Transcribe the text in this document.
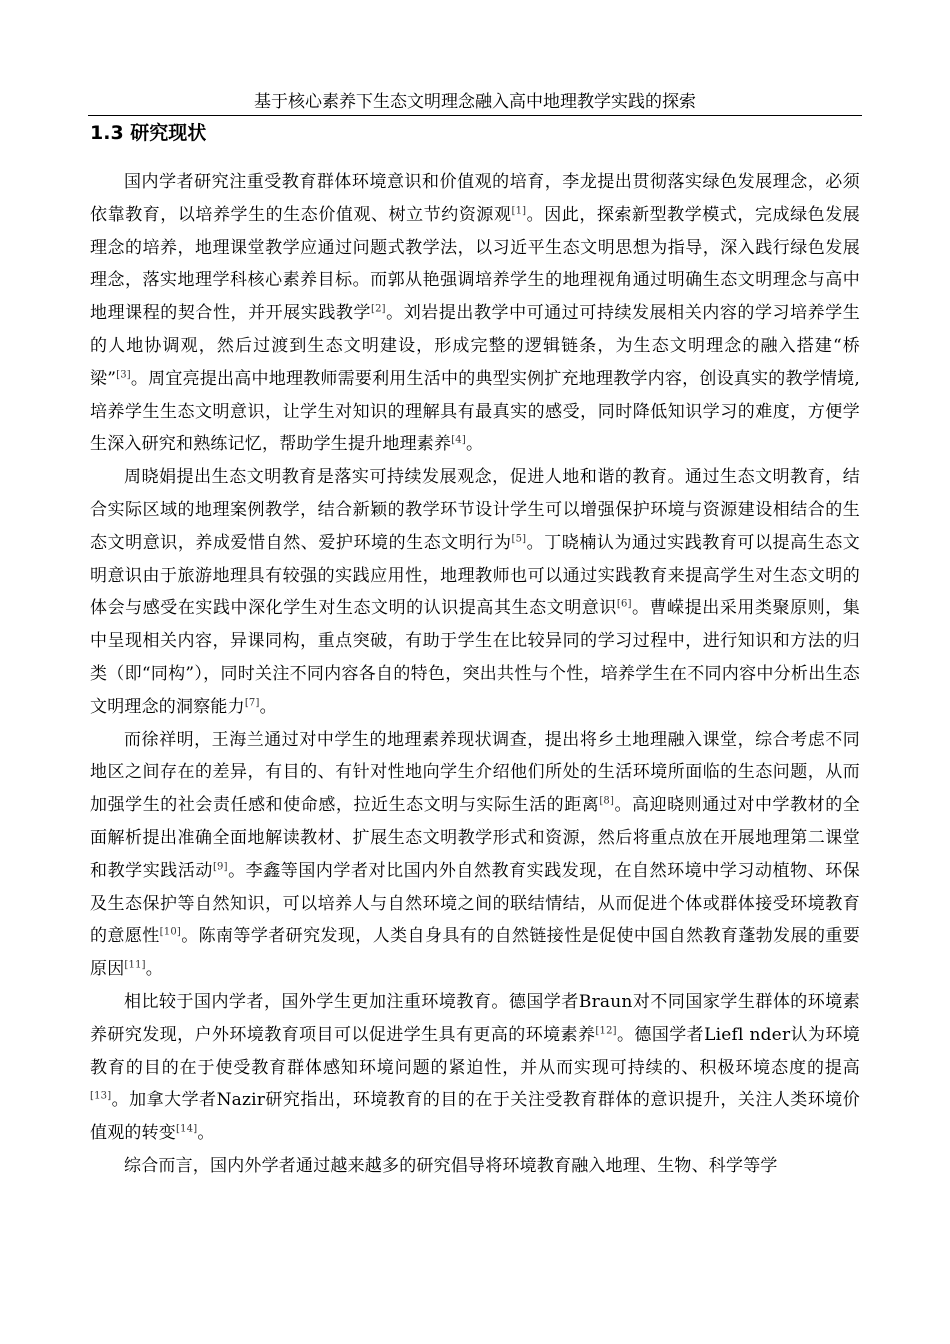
基于核心素养下生态文明理念融入高中地理教学实践的探索
1.3 研究现状

国内学者研究注重受教育群体环境意识和价值观的培育，李龙提出贯彻落实绿色发展理念，必须依靠教育，以培养学生的生态价值观、树立节约资源观[1]。因此，探索新型教学模式，完成绿色发展理念的培养，地理课堂教学应通过问题式教学法，以习近平生态文明思想为指导，深入践行绿色发展理念，落实地理学科核心素养目标。而郭从艳强调培养学生的地理视角通过明确生态文明理念与高中地理课程的契合性，并开展实践教学[2]。刘岩提出教学中可通过可持续发展相关内容的学习培养学生的人地协调观，然后过渡到生态文明建设，形成完整的逻辑链条，为生态文明理念的融入搭建“桥梁”[3]。周宜亮提出高中地理教师需要利用生活中的典型实例扩充地理教学内容，创设真实的教学情境,培养学生生态文明意识，让学生对知识的理解具有最真实的感受，同时降低知识学习的难度，方便学生深入研究和熟练记忆，帮助学生提升地理素养[4]。

周晓娟提出生态文明教育是落实可持续发展观念，促进人地和谐的教育。通过生态文明教育，结合实际区域的地理案例教学，结合新颖的教学环节设计学生可以增强保护环境与资源建设相结合的生态文明意识，养成爱惜自然、爱护环境的生态文明行为[5]。丁晓楠认为通过实践教育可以提高生态文明意识由于旅游地理具有较强的实践应用性，地理教师也可以通过实践教育来提高学生对生态文明的体会与感受在实践中深化学生对生态文明的认识提高其生态文明意识[6]。曹嵘提出采用类聚原则，集中呈现相关内容，异课同构，重点突破，有助于学生在比较异同的学习过程中，进行知识和方法的归类（即“同构”），同时关注不同内容各自的特色，突出共性与个性，培养学生在不同内容中分析出生态文明理念的洞察能力[7]。

而徐祥明，王海兰通过对中学生的地理素养现状调查，提出将乡土地理融入课堂，综合考虑不同地区之间存在的差异，有目的、有针对性地向学生介绍他们所处的生活环境所面临的生态问题，从而加强学生的社会责任感和使命感，拉近生态文明与实际生活的距离[8]。高迎晓则通过对中学教材的全面解析提出准确全面地解读教材、扩展生态文明教学形式和资源，然后将重点放在开展地理第二课堂和教学实践活动[9]。李鑫等国内学者对比国内外自然教育实践发现，在自然环境中学习动植物、环保及生态保护等自然知识，可以培养人与自然环境之间的联结情结，从而促进个体或群体接受环境教育的意愿性[10]。陈南等学者研究发现，人类自身具有的自然链接性是促使中国自然教育蓬勃发展的重要原因[11]。

相比较于国内学者，国外学生更加注重环境教育。德国学者Braun对不同国家学生群体的环境素养研究发现，户外环境教育项目可以促进学生具有更高的环境素养[12]。德国学者Liefl nder认为环境教育的目的在于使受教育群体感知环境问题的紧迫性，并从而实现可持续的、积极环境态度的提高[13]。加拿大学者Nazir研究指出，环境教育的目的在于关注受教育群体的意识提升，关注人类环境价值观的转变[14]。

综合而言，国内外学者通过越来越多的研究倡导将环境教育融入地理、生物、科学等学
